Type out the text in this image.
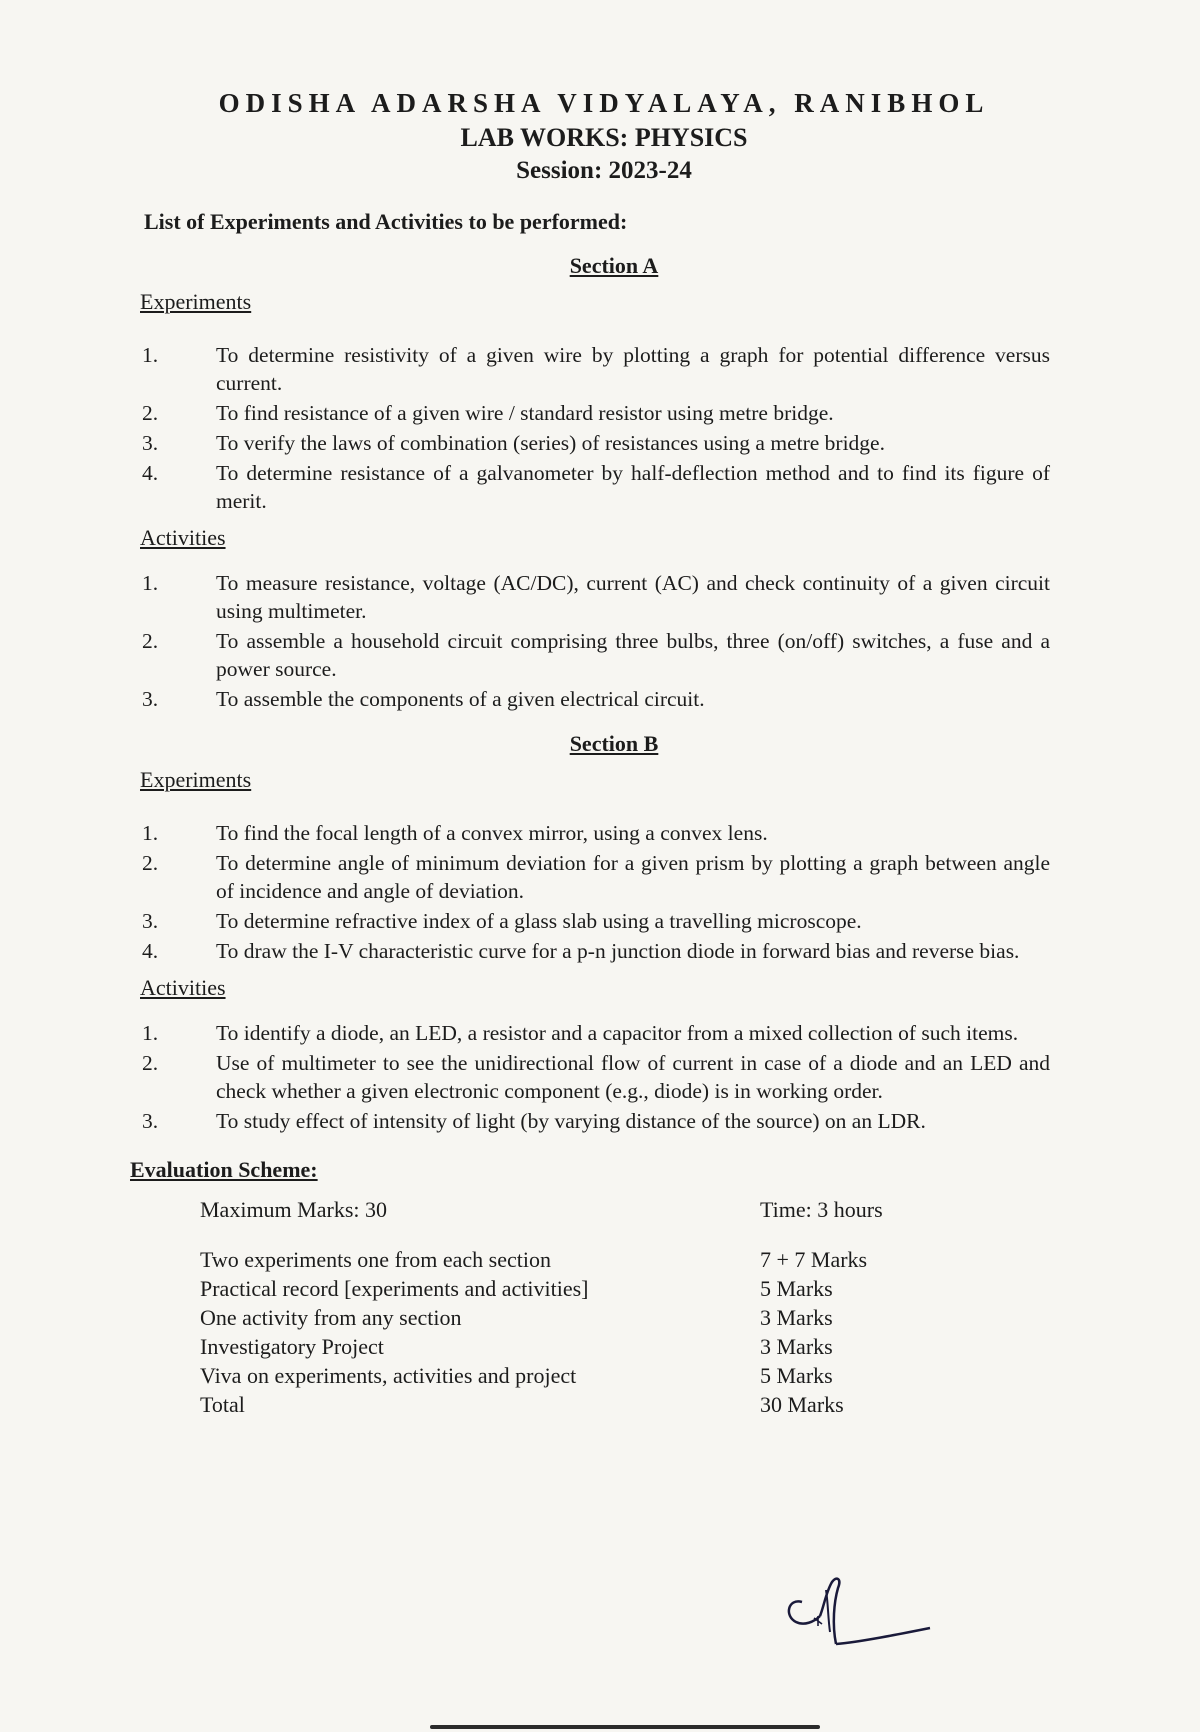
ODISHA ADARSHA VIDYALAYA, RANIBHOL

LAB WORKS: PHYSICS

Session: 2023-24

List of Experiments and Activities to be performed:

Section A

Experiments

1.	To determine resistivity of a given wire by plotting a graph for potential difference versus current.
2.	To find resistance of a given wire / standard resistor using metre bridge.
3.	To verify the laws of combination (series) of resistances using a metre bridge.
4.	To determine resistance of a galvanometer by half-deflection method and to find its figure of merit.

Activities

1.	To measure resistance, voltage (AC/DC), current (AC) and check continuity of a given circuit using multimeter.
2.	To assemble a household circuit comprising three bulbs, three (on/off) switches, a fuse and a power source.
3.	To assemble the components of a given electrical circuit.

Section B

Experiments

1.	To find the focal length of a convex mirror, using a convex lens.
2.	To determine angle of minimum deviation for a given prism by plotting a graph between angle of incidence and angle of deviation.
3.	To determine refractive index of a glass slab using a travelling microscope.
4.	To draw the I-V characteristic curve for a p-n junction diode in forward bias and reverse bias.

Activities

1.	To identify a diode, an LED, a resistor and a capacitor from a mixed collection of such items.
2.	Use of multimeter to see the unidirectional flow of current in case of a diode and an LED and check whether a given electronic component (e.g., diode) is in working order.
3.	To study effect of intensity of light (by varying distance of the source) on an LDR.

Evaluation Scheme:

Maximum Marks: 30	Time: 3 hours
Two experiments one from each section	7 + 7 Marks
Practical record [experiments and activities]	5 Marks
One activity from any section	3 Marks
Investigatory Project	3 Marks
Viva on experiments, activities and project	5 Marks
Total	30 Marks
